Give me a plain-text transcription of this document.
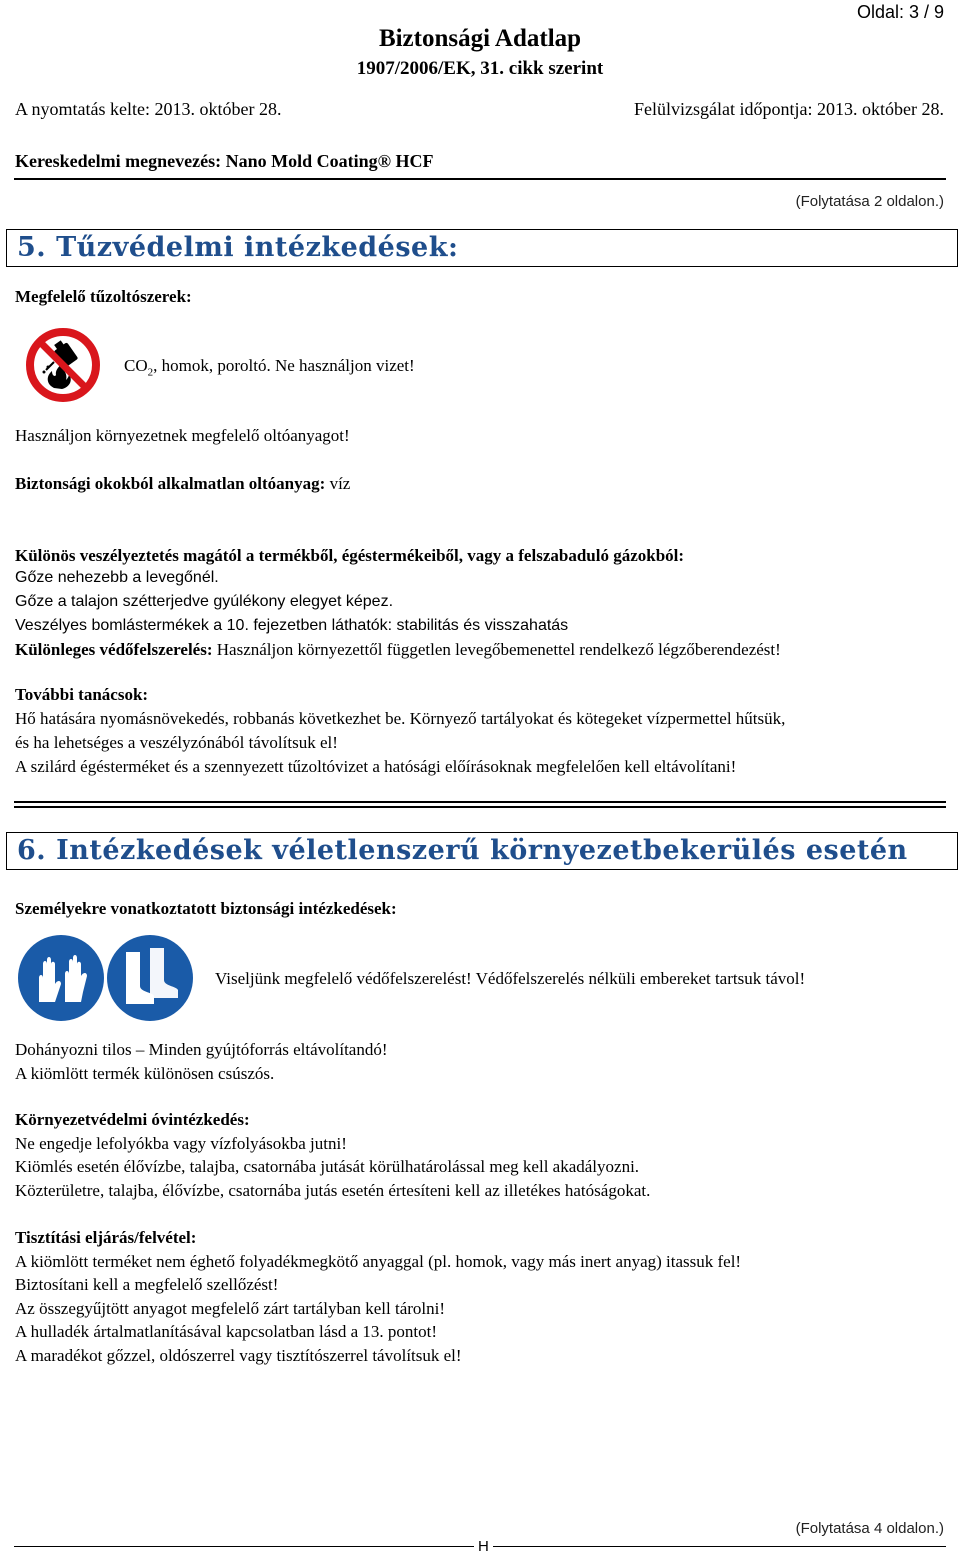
Oldal: 3 / 9
Biztonsági Adatlap
1907/2006/EK, 31. cikk szerint
A nyomtatás kelte: 2013. október 28.	Felülvizsgálat időpontja: 2013. október 28.
Kereskedelmi megnevezés: Nano Mold Coating® HCF
(Folytatása 2 oldalon.)
5. Tűzvédelmi intézkedések:
Megfelelő tűzoltószerek:
$CO_2$, homok, poroltó. Ne használjon vizet!
Használjon környezetnek megfelelő oltóanyagot!
Biztonsági okokból alkalmatlan oltóanyag: víz
Különös veszélyeztetés magától a termékből, égéstermékeiből, vagy a felszabaduló gázokból:
Gőze nehezebb a levegőnél.
Gőze a talajon szétterjedve gyúlékony elegyet képez.
Veszélyes bomlástermékek a 10. fejezetben láthatók: stabilitás és visszahatás
Különleges védőfelszerelés: Használjon környezettől független levegőbemenettel rendelkező légzőberendezést!
További tanácsok:
Hő hatására nyomásnövekedés, robbanás következhet be. Környező tartályokat és kötegeket vízpermettel hűtsük,
és ha lehetséges a veszélyzónából távolítsuk el!
A szilárd égésterméket és a szennyezett tűzoltóvizet a hatósági előírásoknak megfelelően kell eltávolítani!
6. Intézkedések véletlenszerű környezetbekerülés esetén
Személyekre vonatkoztatott biztonsági intézkedések:
Viseljünk megfelelő védőfelszerelést! Védőfelszerelés nélküli embereket tartsuk távol!
Dohányozni tilos – Minden gyújtóforrás eltávolítandó!
A kiömlött termék különösen csúszós.
Környezetvédelmi óvintézkedés:
Ne engedje lefolyókba vagy vízfolyásokba jutni!
Kiömlés esetén élővízbe, talajba, csatornába jutását körülhatárolással meg kell akadályozni.
Közterületre, talajba, élővízbe, csatornába jutás esetén értesíteni kell az illetékes hatóságokat.
Tisztítási eljárás/felvétel:
A kiömlött terméket nem éghető folyadékmegkötő anyaggal (pl. homok, vagy más inert anyag) itassuk fel!
Biztosítani kell a megfelelő szellőzést!
Az összegyűjtött anyagot megfelelő zárt tartályban kell tárolni!
A hulladék ártalmatlanításával kapcsolatban lásd a 13. pontot!
A maradékot gőzzel, oldószerrel vagy tisztítószerrel távolítsuk el!
(Folytatása 4 oldalon.)
H
